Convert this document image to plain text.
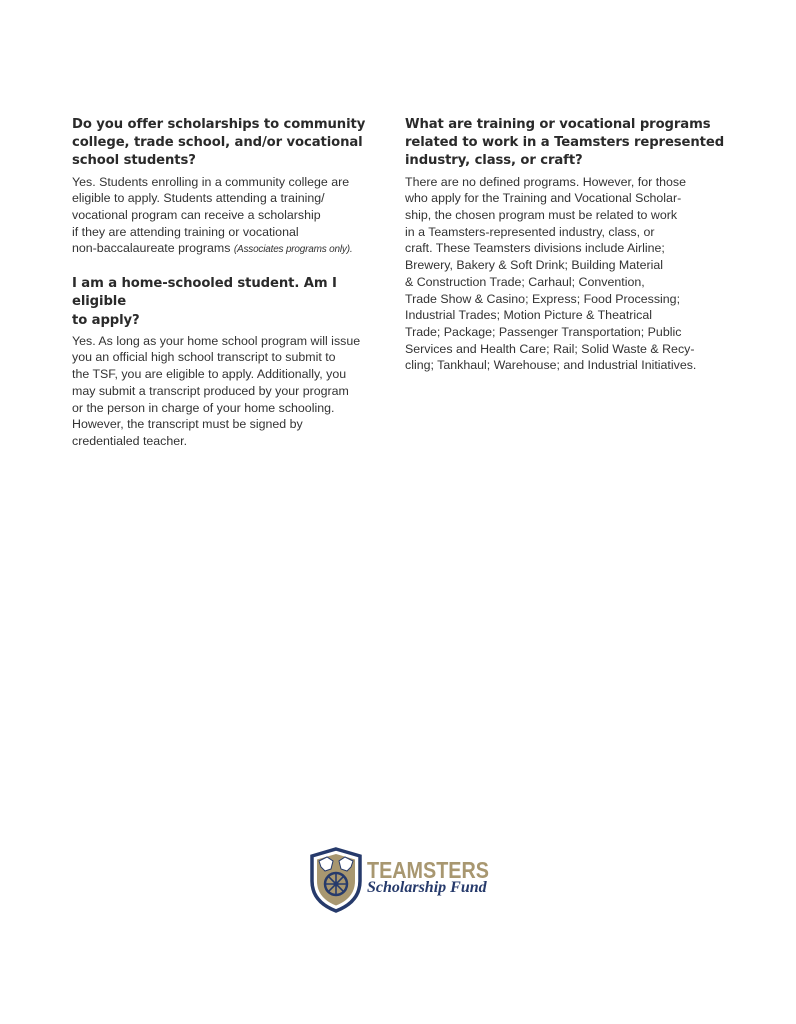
Do you offer scholarships to community
college, trade school, and/or vocational
school students?

Yes. Students enrolling in a community college are
eligible to apply. Students attending a training/
vocational program can receive a scholarship
if they are attending training or vocational
non-baccalaureate programs (Associates programs only).

I am a home-schooled student. Am I eligible
to apply?

Yes. As long as your home school program will issue
you an official high school transcript to submit to
the TSF, you are eligible to apply. Additionally, you
may submit a transcript produced by your program
or the person in charge of your home schooling.
However, the transcript must be signed by
credentialed teacher.

What are training or vocational programs
related to work in a Teamsters represented
industry, class, or craft?

There are no defined programs. However, for those
who apply for the Training and Vocational Scholar-
ship, the chosen program must be related to work
in a Teamsters-represented industry, class, or
craft. These Teamsters divisions include Airline;
Brewery, Bakery & Soft Drink; Building Material
& Construction Trade; Carhaul; Convention,
Trade Show & Casino; Express; Food Processing;
Industrial Trades; Motion Picture & Theatrical
Trade; Package; Passenger Transportation; Public
Services and Health Care; Rail; Solid Waste & Recy-
cling; Tankhaul; Warehouse; and Industrial Initiatives.

TEAMSTERS
Scholarship Fund
